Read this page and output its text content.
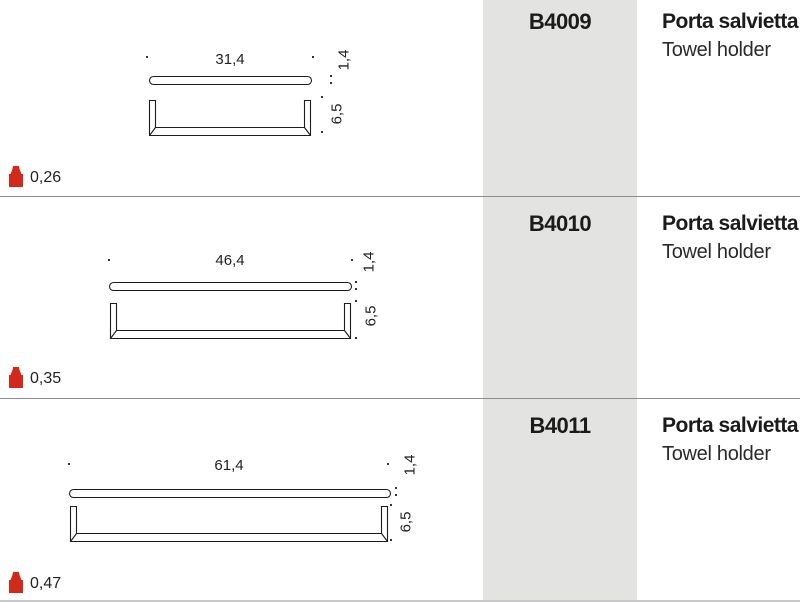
31,4	1,4
6,5
0,26
B4009	Porta salvietta
Towel holder
46,4	1,4
6,5
0,35
B4010	Porta salvietta
Towel holder
61,4	1,4
6,5
0,47
B4011	Porta salvietta
Towel holder
